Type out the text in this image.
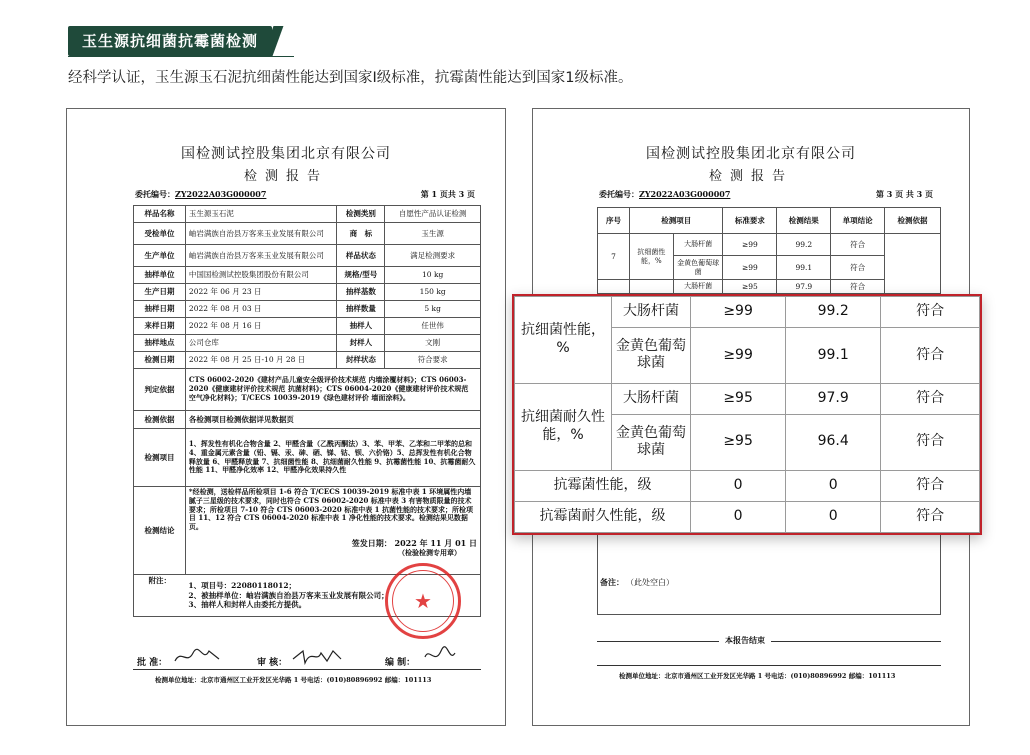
玉生源抗细菌抗霉菌检测
经科学认证，玉生源玉石泥抗细菌性能达到国家I级标准，抗霉菌性能达到国家1级标准。
国检测试控股集团北京有限公司
检测报告
委托编号：ZY2022A03G000007	第 1 页共 3 页
样品名称	玉生源玉石泥	检测类别	自愿性产品认证检测
受检单位	岫岩满族自治县万客来玉业发展有限公司	商　标	玉生源
生产单位	岫岩满族自治县万客来玉业发展有限公司	样品状态	满足检测要求
抽样单位	中国国检测试控股集团股份有限公司	规格/型号	10 kg
生产日期	2022 年 06 月 23 日	抽样基数	150 kg
抽样日期	2022 年 08 月 03 日	抽样数量	5 kg
来样日期	2022 年 08 月 16 日	抽样人	任世伟
抽样地点	公司仓库	封样人	文刚
检测日期	2022 年 08 月 25 日-10 月 28 日	封样状态	符合要求
判定依据	CTS 06002-2020《建材产品儿童安全级评价技术规范 内墙涂覆材料》；CTS 06003-2020《健康建材评价技术规范 抗菌材料》；CTS 06004-2020《健康建材评价技术规范 空气净化材料》；T/CECS 10039-2019《绿色建材评价 墙面涂料》。		
检测依据	各检测项目检测依据详见数据页		
检测项目	1、挥发性有机化合物含量 2、甲醛含量（乙酰丙酮法）3、苯、甲苯、乙苯和二甲苯的总和 4、重金属元素含量（铅、镉、汞、砷、硒、锑、钴、钡、六价铬）5、总挥发性有机化合物释放量 6、甲醛释放量 7、抗细菌性能 8、抗细菌耐久性能 9、抗霉菌性能 10、抗霉菌耐久性能 11、甲醛净化效率 12、甲醛净化效果持久性		
检测结论	*经检测，送检样品所检项目 1-6 符合 T/CECS 10039-2019 标准中表 1 环境属性内墙腻子三星级的技术要求，同时也符合 CTS 06002-2020 标准中表 3 有害物质限量的技术要求；所检项目 7-10 符合 CTS 06003-2020 标准中表 1 抗菌性能的技术要求；所检项目 11、12 符合 CTS 06004-2020 标准中表 1 净化性能的技术要求。检测结果见数据页。
签发日期： 2022 年 11 月 01 日
（检验检测专用章）		

附注：	1、项目号：22080118012；
2、被抽样单位：岫岩满族自治县万客来玉业发展有限公司；
3、抽样人和封样人由委托方提供。			★
批 准：	审 核：	编 制：
检测单位地址：北京市通州区工业开发区光华路 1 号电话：(010)80896992 邮编：101113
国检测试控股集团北京有限公司
检测报告
委托编号：ZY2022A03G000007	第 3 页 共 3 页
序号	检测项目		标准要求	检测结果	单项结论	检测依据
7	抗细菌性能，%	大肠杆菌	≥99	99.2	符合	
		金黄色葡萄球菌	≥99	99.1	符合	
		大肠杆菌	≥95	97.9	符合	
备注： （此处空白）
本报告结束
检测单位地址：北京市通州区工业开发区光华路 1 号电话：(010)80896992 邮编：101113
抗细菌性能，%	大肠杆菌	≥99	99.2	符合
	金黄色葡萄球菌	≥99	99.1	符合
抗细菌耐久性能，%	大肠杆菌	≥95	97.9	符合
	金黄色葡萄球菌	≥95	96.4	符合
抗霉菌性能，级		0	0	符合
抗霉菌耐久性能，级		0	0	符合
